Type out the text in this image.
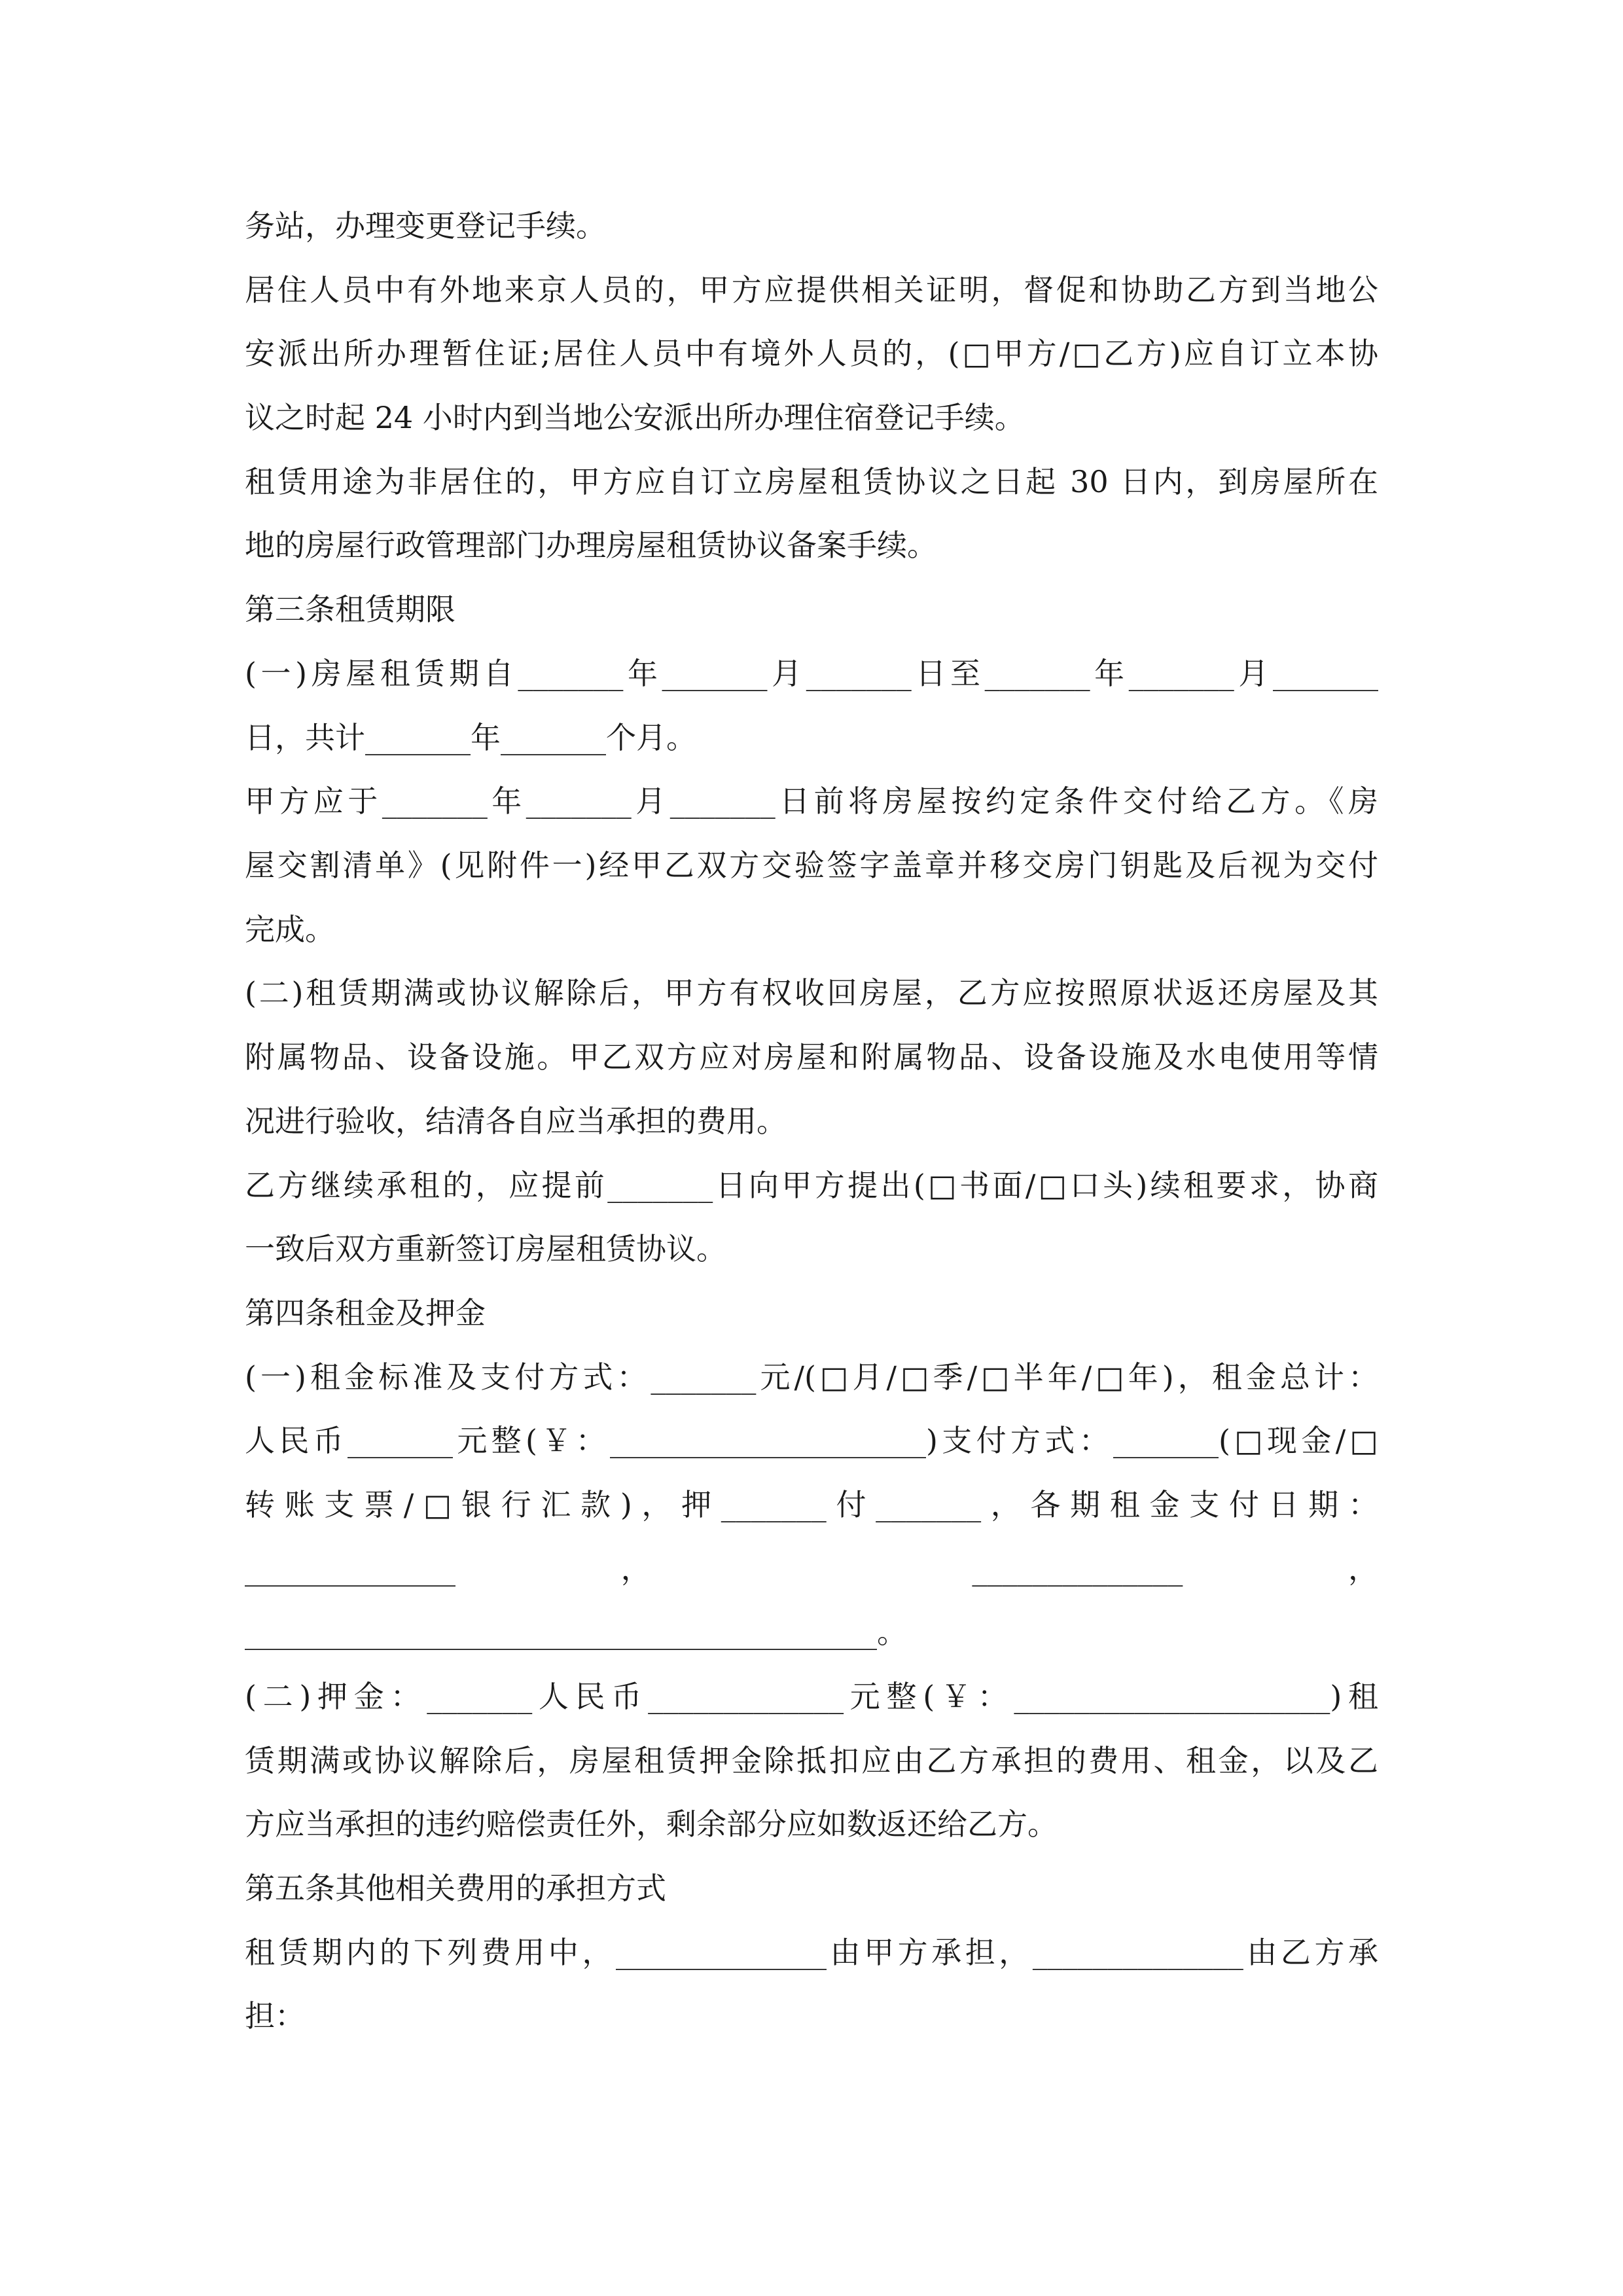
务站，办理变更登记手续。

居住人员中有外地来京人员的，甲方应提供相关证明，督促和协助乙方到当地公

安派出所办理暂住证;居住人员中有境外人员的，(□甲方/□乙方)应自订立本协

议之时起 24 小时内到当地公安派出所办理住宿登记手续。

租赁用途为非居住的，甲方应自订立房屋租赁协议之日起 30 日内，到房屋所在

地的房屋行政管理部门办理房屋租赁协议备案手续。

第三条租赁期限

(一)房屋租赁期自_______年_______月_______日至_______年_______月_______

日，共计_______年_______个月。

甲方应于_______年_______月_______日前将房屋按约定条件交付给乙方。《房

屋交割清单》(见附件一)经甲乙双方交验签字盖章并移交房门钥匙及后视为交付

完成。

(二)租赁期满或协议解除后，甲方有权收回房屋，乙方应按照原状返还房屋及其

附属物品、设备设施。甲乙双方应对房屋和附属物品、设备设施及水电使用等情

况进行验收，结清各自应当承担的费用。

乙方继续承租的，应提前_______日向甲方提出(□书面/□口头)续租要求，协商

一致后双方重新签订房屋租赁协议。

第四条租金及押金

(一)租金标准及支付方式：_______元/(□月/□季/□半年/□年)，租金总计：

人民币_______元整(￥：_____________________)支付方式：_______(□现金/□

转 账 支 票 / □ 银 行 汇 款 ) ， 押 _______ 付 _______ ， 各 期 租 金 支 付 日 期 ：

______________ ， ______________ ，

__________________________________________。

(二)押金：_______人民币_____________元整(￥：_____________________)租

赁期满或协议解除后，房屋租赁押金除抵扣应由乙方承担的费用、租金，以及乙

方应当承担的违约赔偿责任外，剩余部分应如数返还给乙方。

第五条其他相关费用的承担方式

租赁期内的下列费用中，______________由甲方承担，______________由乙方承

担：
